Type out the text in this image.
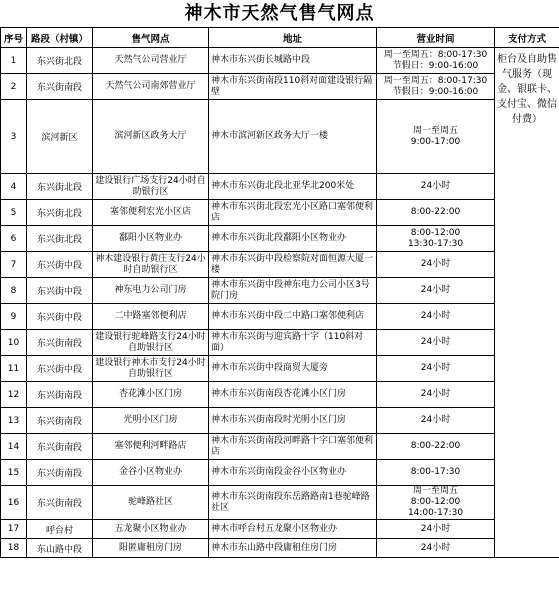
神木市天然气售气网点
序号	路段（村镇）	售气网点	地址	营业时间	支付方式
1	东兴街北段	天然气公司营业厅	神木市东兴街长城路中段	周一至周五：8:00-17:30
节假日：9:00-16:00	柜台及自助售气服务（现金、银联卡、支付宝、微信付费）
2	东兴街南段	天然气公司南郊营业厅	神木市东兴街南段110斜对面建设银行隔壁	周一至周五：8:00-17:30
节假日：9:00-16:00	

3	滨河新区	滨河新区政务大厅	神木市滨河新区政务大厅一楼	周一至周五
9:00-17:00	

4	东兴街北段	建设银行广场支行24小时自助银行区	神木市东兴街北段北亚华北200米处	24小时	

5	东兴街北段	塞邻便利宏光小区店	神木市东兴街北段宏光小区路口塞邻便利店	8:00-22:00	

6	东兴街北段	鄱阳小区物业办	神木市东兴街北段鄱阳小区物业办	8:00-12:00
13:30-17:30	

7	东兴街中段	神木建设银行黄庄支行24小时自助银行区	神木市东兴街中段检察院对面恒源大厦一楼	24小时	

8	东兴街中段	神东电力公司门房	神木市东兴街中段神东电力公司小区3号院门房	24小时	

9	东兴街中段	二中路塞邻便利店	神木市东兴街中段二中路口塞邻便利店	24小时	

10	东兴街南段	建设银行驼峰路支行24小时自助银行区	神木市东兴街与迎宾路十字（110斜对面）	24小时	

11	东兴街中段	建设银行神木市支行24小时自助银行区	神木市东兴街中段商贸大厦旁	24小时	

12	东兴街南段	杏花滩小区门房	神木市东兴街南段杏花滩小区门房	24小时	

13	东兴街南段	光明小区门房	神木市东兴街南段时光明小区门房	24小时	

14	东兴街南段	塞邻便利河畔路店	神木市东兴街南段河畔路十字口塞邻便利店	8:00-22:00	

15	东兴街南段	金谷小区物业办	神木市东兴街南段金谷小区物业办	8:00-17:30	

16	东兴街南段	驼峰路社区	神木市东兴街南段东岳路路南1巷驼峰路社区	周一至周五
8:00-12:00
14:00-17:30	

17	呼台村	五龙聚小区物业办	神木市呼台村五龙聚小区物业办	24小时	

18	东山路中段	阳匿庸租房门房	神木市东山路中段庸租住房门房	24小时	
